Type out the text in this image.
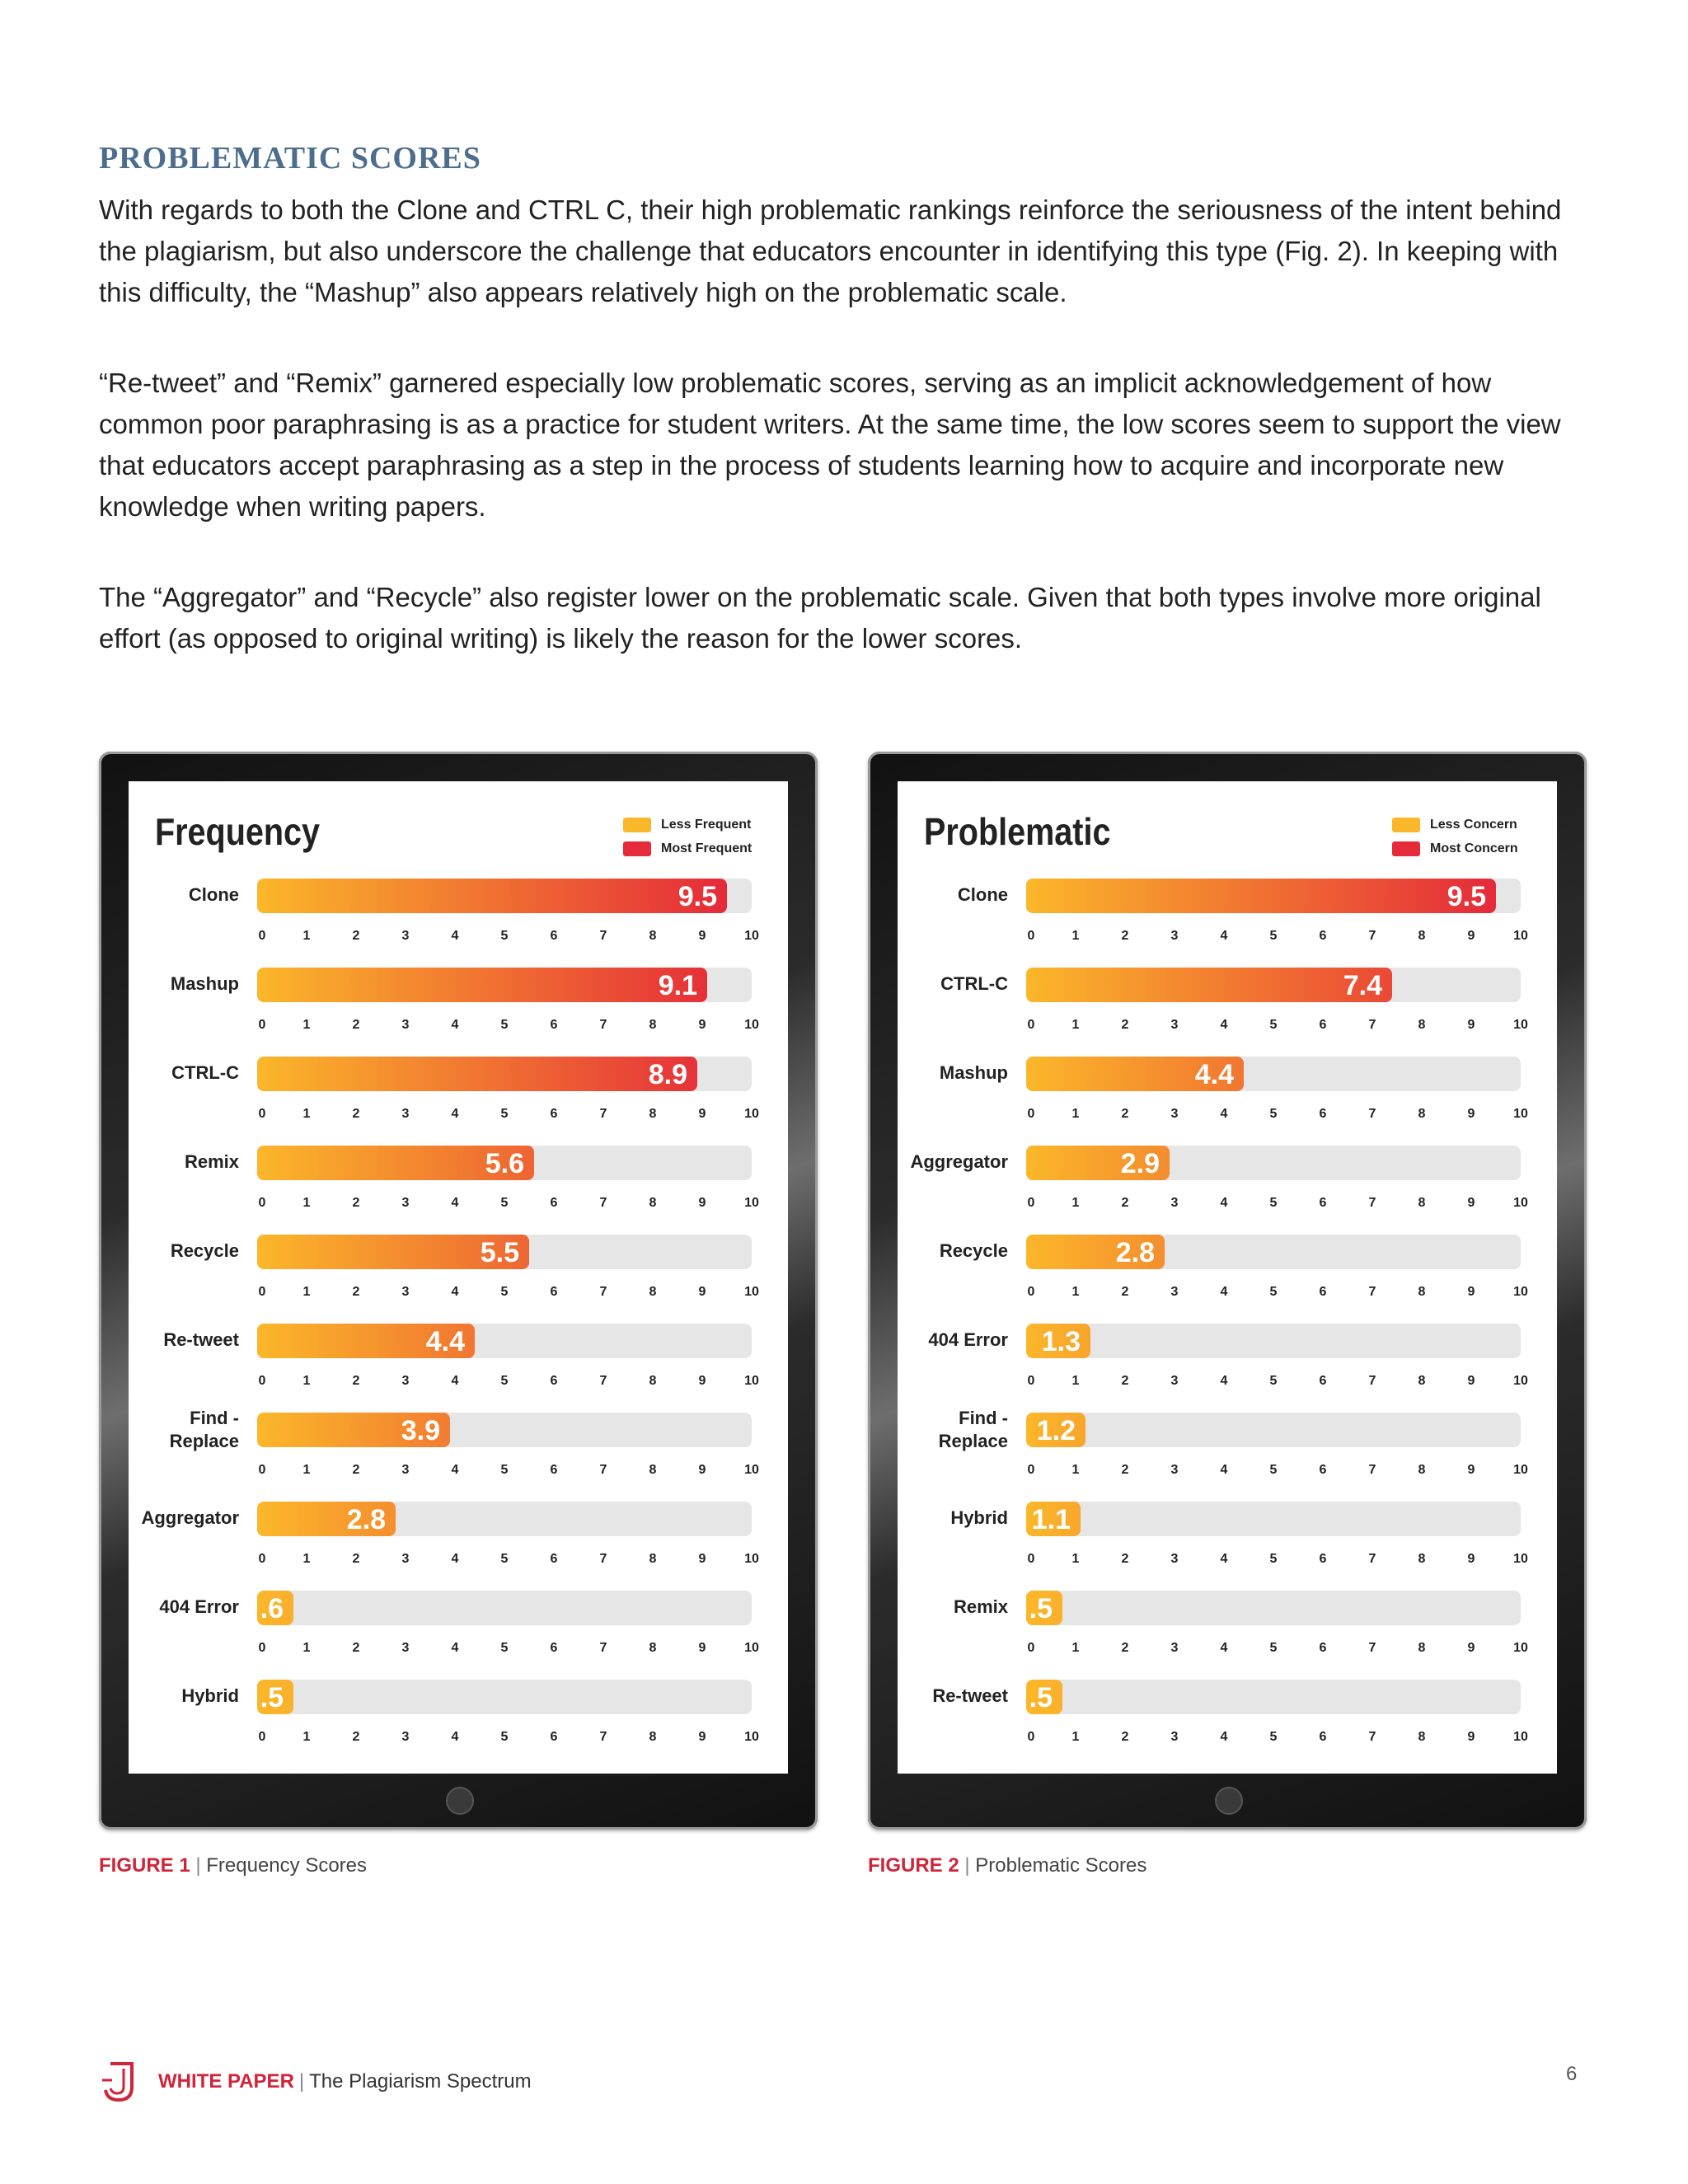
PROBLEMATIC SCORES

With regards to both the Clone and CTRL C, their high problematic rankings reinforce the seriousness of the intent behind the plagiarism, but also underscore the challenge that educators encounter in identifying this type (Fig. 2). In keeping with this difficulty, the “Mashup” also appears relatively high on the problematic scale.

“Re-tweet” and “Remix” garnered especially low problematic scores, serving as an implicit acknowledgement of how common poor paraphrasing is as a practice for student writers. At the same time, the low scores seem to support the view that educators accept paraphrasing as a step in the process of students learning how to acquire and incorporate new knowledge when writing papers.

The “Aggregator” and “Recycle” also register lower on the problematic scale. Given that both types involve more original effort (as opposed to original writing) is likely the reason for the lower scores.

Frequency	Less Frequent
Most Frequent
Clone	9.5
0	1	2	3	4	5	6	7	8	9	10
Mashup	9.1
0	1	2	3	4	5	6	7	8	9	10
CTRL-C	8.9
0	1	2	3	4	5	6	7	8	9	10
Remix	5.6
0	1	2	3	4	5	6	7	8	9	10
Recycle	5.5
0	1	2	3	4	5	6	7	8	9	10
Re-tweet	4.4
0	1	2	3	4	5	6	7	8	9	10
Find -
Replace	3.9
0	1	2	3	4	5	6	7	8	9	10
Aggregator	2.8
0	1	2	3	4	5	6	7	8	9	10
404 Error .6
0	1	2	3	4	5	6	7	8	9	10
Hybrid .5
0	1	2	3	4	5	6	7	8	9	10
Problematic	Less Concern
Most Concern
Clone	9.5
0	1	2	3	4	5	6	7	8	9	10
CTRL-C	7.4
0	1	2	3	4	5	6	7	8	9	10
Mashup	4.4
0	1	2	3	4	5	6	7	8	9	10
Aggregator	2.9
0	1	2	3	4	5	6	7	8	9	10
Recycle	2.8
0	1	2	3	4	5	6	7	8	9	10
404 Error 1.3
0	1	2	3	4	5	6	7	8	9	10
Find -
Replace 1.2
0	1	2	3	4	5	6	7	8	9	10
Hybrid 1.1
0	1	2	3	4	5	6	7	8	9	10
Remix .5
0	1	2	3	4	5	6	7	8	9	10
Re-tweet .5
0	1	2	3	4	5	6	7	8	9	10
FIGURE 1 | Frequency Scores	FIGURE 2 | Problematic Scores
WHITE PAPER | The Plagiarism Spectrum	6
